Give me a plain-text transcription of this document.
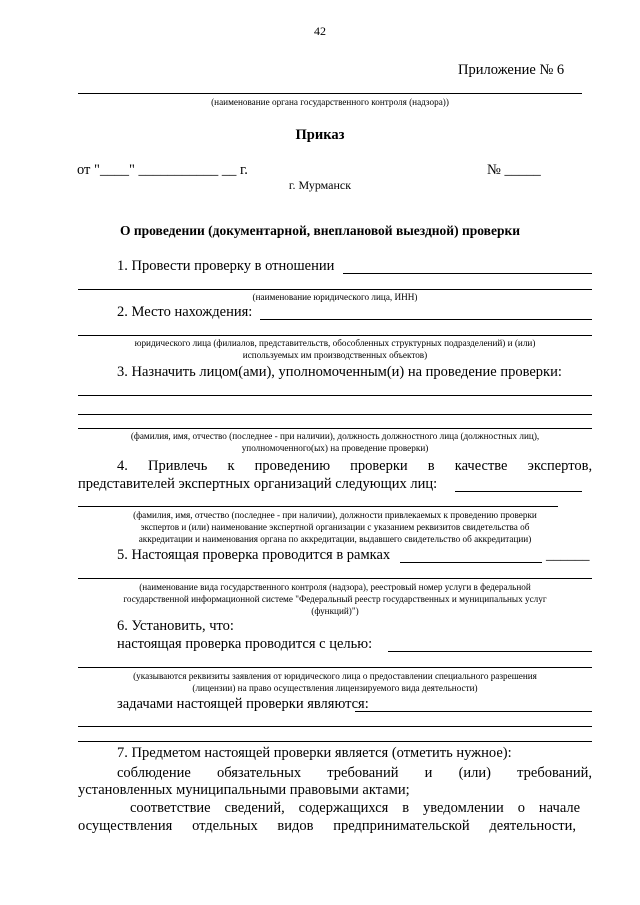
42
Приложение № 6
(наименование органа государственного контроля (надзора))
Приказ
от "____" ___________ __ г.	№ _____
г. Мурманск
О проведении (документарной, внеплановой выездной) проверки
1. Провести проверку в отношении
(наименование юридического лица, ИНН)
2. Место нахождения:
юридического лица (филиалов, представительств, обособленных структурных подразделений) и (или)
используемых им производственных объектов)
3. Назначить лицом(ами), уполномоченным(и) на проведение проверки:
(фамилия, имя, отчество (последнее - при наличии), должность должностного лица (должностных лиц),
уполномоченного(ых) на проведение проверки)
4. Привлечь к проведению проверки в качестве экспертов,
представителей экспертных организаций следующих лиц:
(фамилия, имя, отчество (последнее - при наличии), должности привлекаемых к проведению проверки
экспертов и (или) наименование экспертной организации с указанием реквизитов свидетельства об
аккредитации и наименования органа по аккредитации, выдавшего свидетельство об аккредитации)
5. Настоящая проверка проводится в рамках	______
(наименование вида государственного контроля (надзора), реестровый номер услуги в федеральной
государственной информационной системе "Федеральный реестр государственных и муниципальных услуг
(функций)")
6. Установить, что:
настоящая проверка проводится с целью:
(указываются реквизиты заявления от юридического лица о предоставлении специального разрешения
(лицензии) на право осуществления лицензируемого вида деятельности)
задачами настоящей проверки являются:
7. Предметом настоящей проверки является (отметить нужное):
соблюдение обязательных требований и (или) требований,
установленных муниципальными правовыми актами;
соответствие сведений, содержащихся в уведомлении о начале
осуществления отдельных видов предпринимательской деятельности,
